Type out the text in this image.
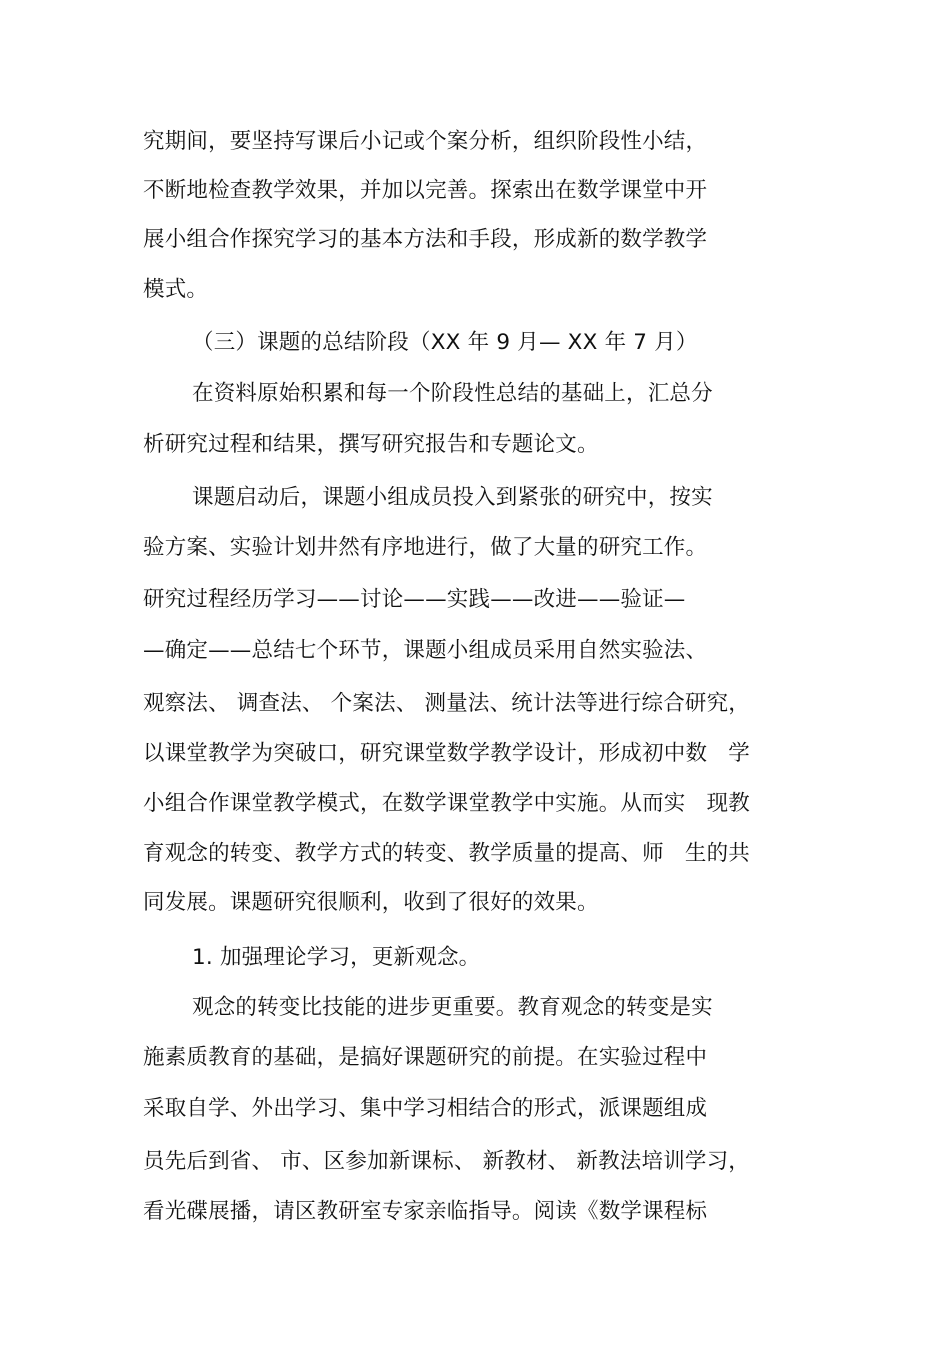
究期间，要坚持写课后小记或个案分析，组织阶段性小结，
不断地检查教学效果，并加以完善。探索出在数学课堂中开
展小组合作探究学习的基本方法和手段，形成新的数学教学
模式。
（三）课题的总结阶段（XX 年 9 月— XX 年 7 月）
在资料原始积累和每一个阶段性总结的基础上，汇总分
析研究过程和结果，撰写研究报告和专题论文。
课题启动后，课题小组成员投入到紧张的研究中，按实
验方案、实验计划井然有序地进行，做了大量的研究工作。
研究过程经历学习——讨论——实践——改进——验证—
—确定——总结七个环节，课题小组成员采用自然实验法、
观察法、 调查法、 个案法、 测量法、统计法等进行综合研究，
以课堂教学为突破口，研究课堂数学教学设计，形成初中数   学
小组合作课堂教学模式，在数学课堂教学中实施。从而实   现教
育观念的转变、教学方式的转变、教学质量的提高、师   生的共
同发展。课题研究很顺利，收到了很好的效果。
1. 加强理论学习，更新观念。
观念的转变比技能的进步更重要。教育观念的转变是实
施素质教育的基础，是搞好课题研究的前提。在实验过程中
采取自学、外出学习、集中学习相结合的形式，派课题组成
员先后到省、 市、区参加新课标、 新教材、 新教法培训学习，
看光碟展播，请区教研室专家亲临指导。阅读《数学课程标
